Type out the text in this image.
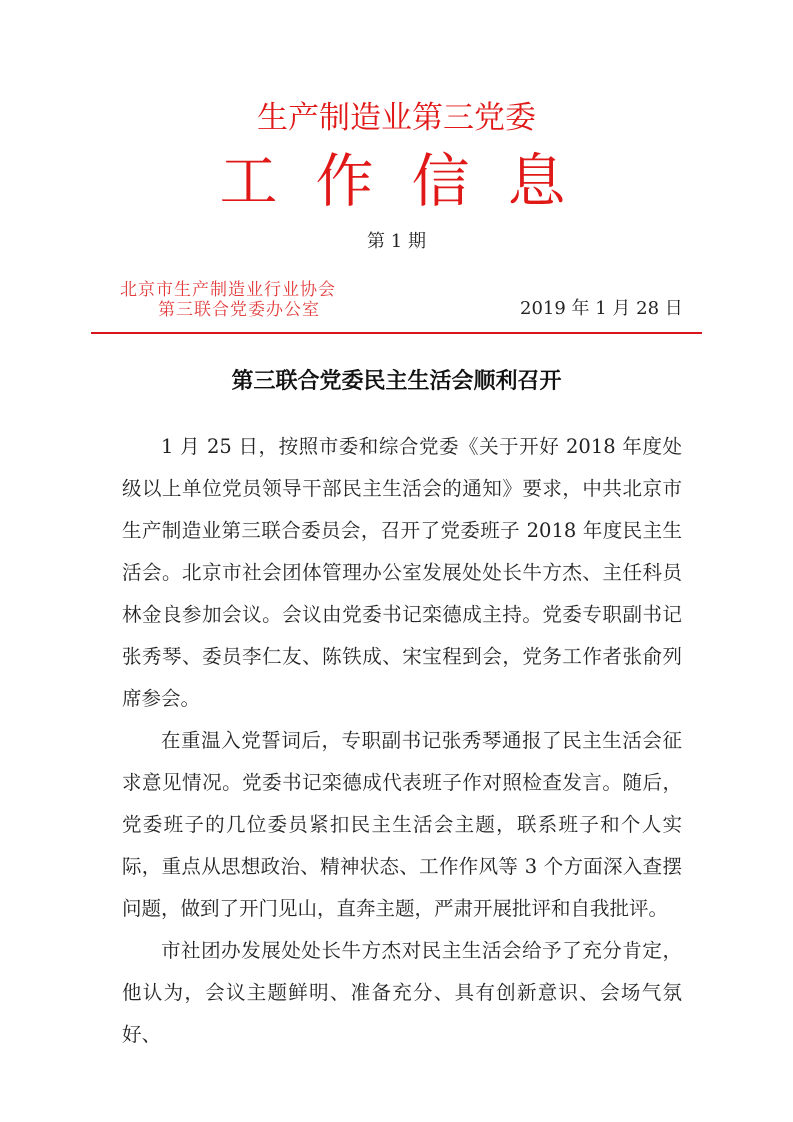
生产制造业第三党委
工作信息
第 1 期
北京市生产制造业行业协会
第三联合党委办公室	2019 年 1 月 28 日
第三联合党委民主生活会顺利召开

1 月 25 日，按照市委和综合党委《关于开好 2018 年度处级以上单位党员领导干部民主生活会的通知》要求，中共北京市生产制造业第三联合委员会，召开了党委班子 2018 年度民主生活会。北京市社会团体管理办公室发展处处长牛方杰、主任科员林金良参加会议。会议由党委书记栾德成主持。党委专职副书记张秀琴、委员李仁友、陈铁成、宋宝程到会，党务工作者张俞列席参会。

在重温入党誓词后，专职副书记张秀琴通报了民主生活会征求意见情况。党委书记栾德成代表班子作对照检查发言。随后，党委班子的几位委员紧扣民主生活会主题，联系班子和个人实际，重点从思想政治、精神状态、工作作风等 3 个方面深入查摆问题，做到了开门见山，直奔主题，严肃开展批评和自我批评。

市社团办发展处处长牛方杰对民主生活会给予了充分肯定，他认为，会议主题鲜明、准备充分、具有创新意识、会场气氛好、
